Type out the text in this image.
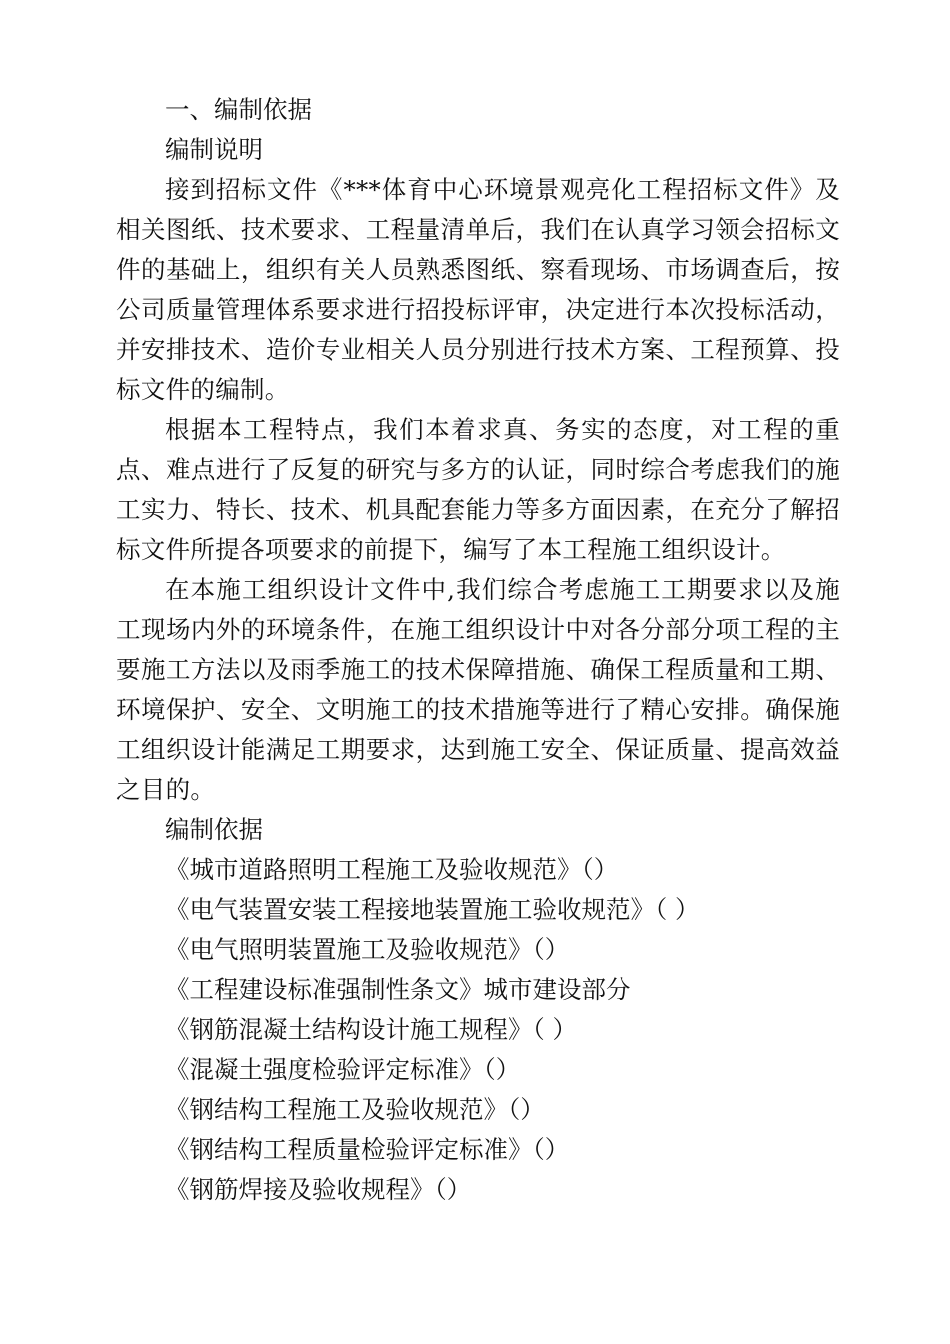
一、编制依据

编制说明

接到招标文件《***体育中心环境景观亮化工程招标文件》及相关图纸、技术要求、工程量清单后，我们在认真学习领会招标文件的基础上，组织有关人员熟悉图纸、察看现场、市场调查后，按公司质量管理体系要求进行招投标评审，决定进行本次投标活动，并安排技术、造价专业相关人员分别进行技术方案、工程预算、投标文件的编制。

根据本工程特点，我们本着求真、务实的态度，对工程的重点、难点进行了反复的研究与多方的认证，同时综合考虑我们的施工实力、特长、技术、机具配套能力等多方面因素，在充分了解招标文件所提各项要求的前提下，编写了本工程施工组织设计。

在本施工组织设计文件中,我们综合考虑施工工期要求以及施工现场内外的环境条件，在施工组织设计中对各分部分项工程的主要施工方法以及雨季施工的技术保障措施、确保工程质量和工期、环境保护、安全、文明施工的技术措施等进行了精心安排。确保施工组织设计能满足工期要求，达到施工安全、保证质量、提高效益之目的。

编制依据

《城市道路照明工程施工及验收规范》（）
《电气装置安装工程接地装置施工验收规范》（ ）
《电气照明装置施工及验收规范》（）
《工程建设标准强制性条文》城市建设部分
《钢筋混凝土结构设计施工规程》（ ）
《混凝土强度检验评定标准》（）
《钢结构工程施工及验收规范》（）
《钢结构工程质量检验评定标准》（）
《钢筋焊接及验收规程》（）
